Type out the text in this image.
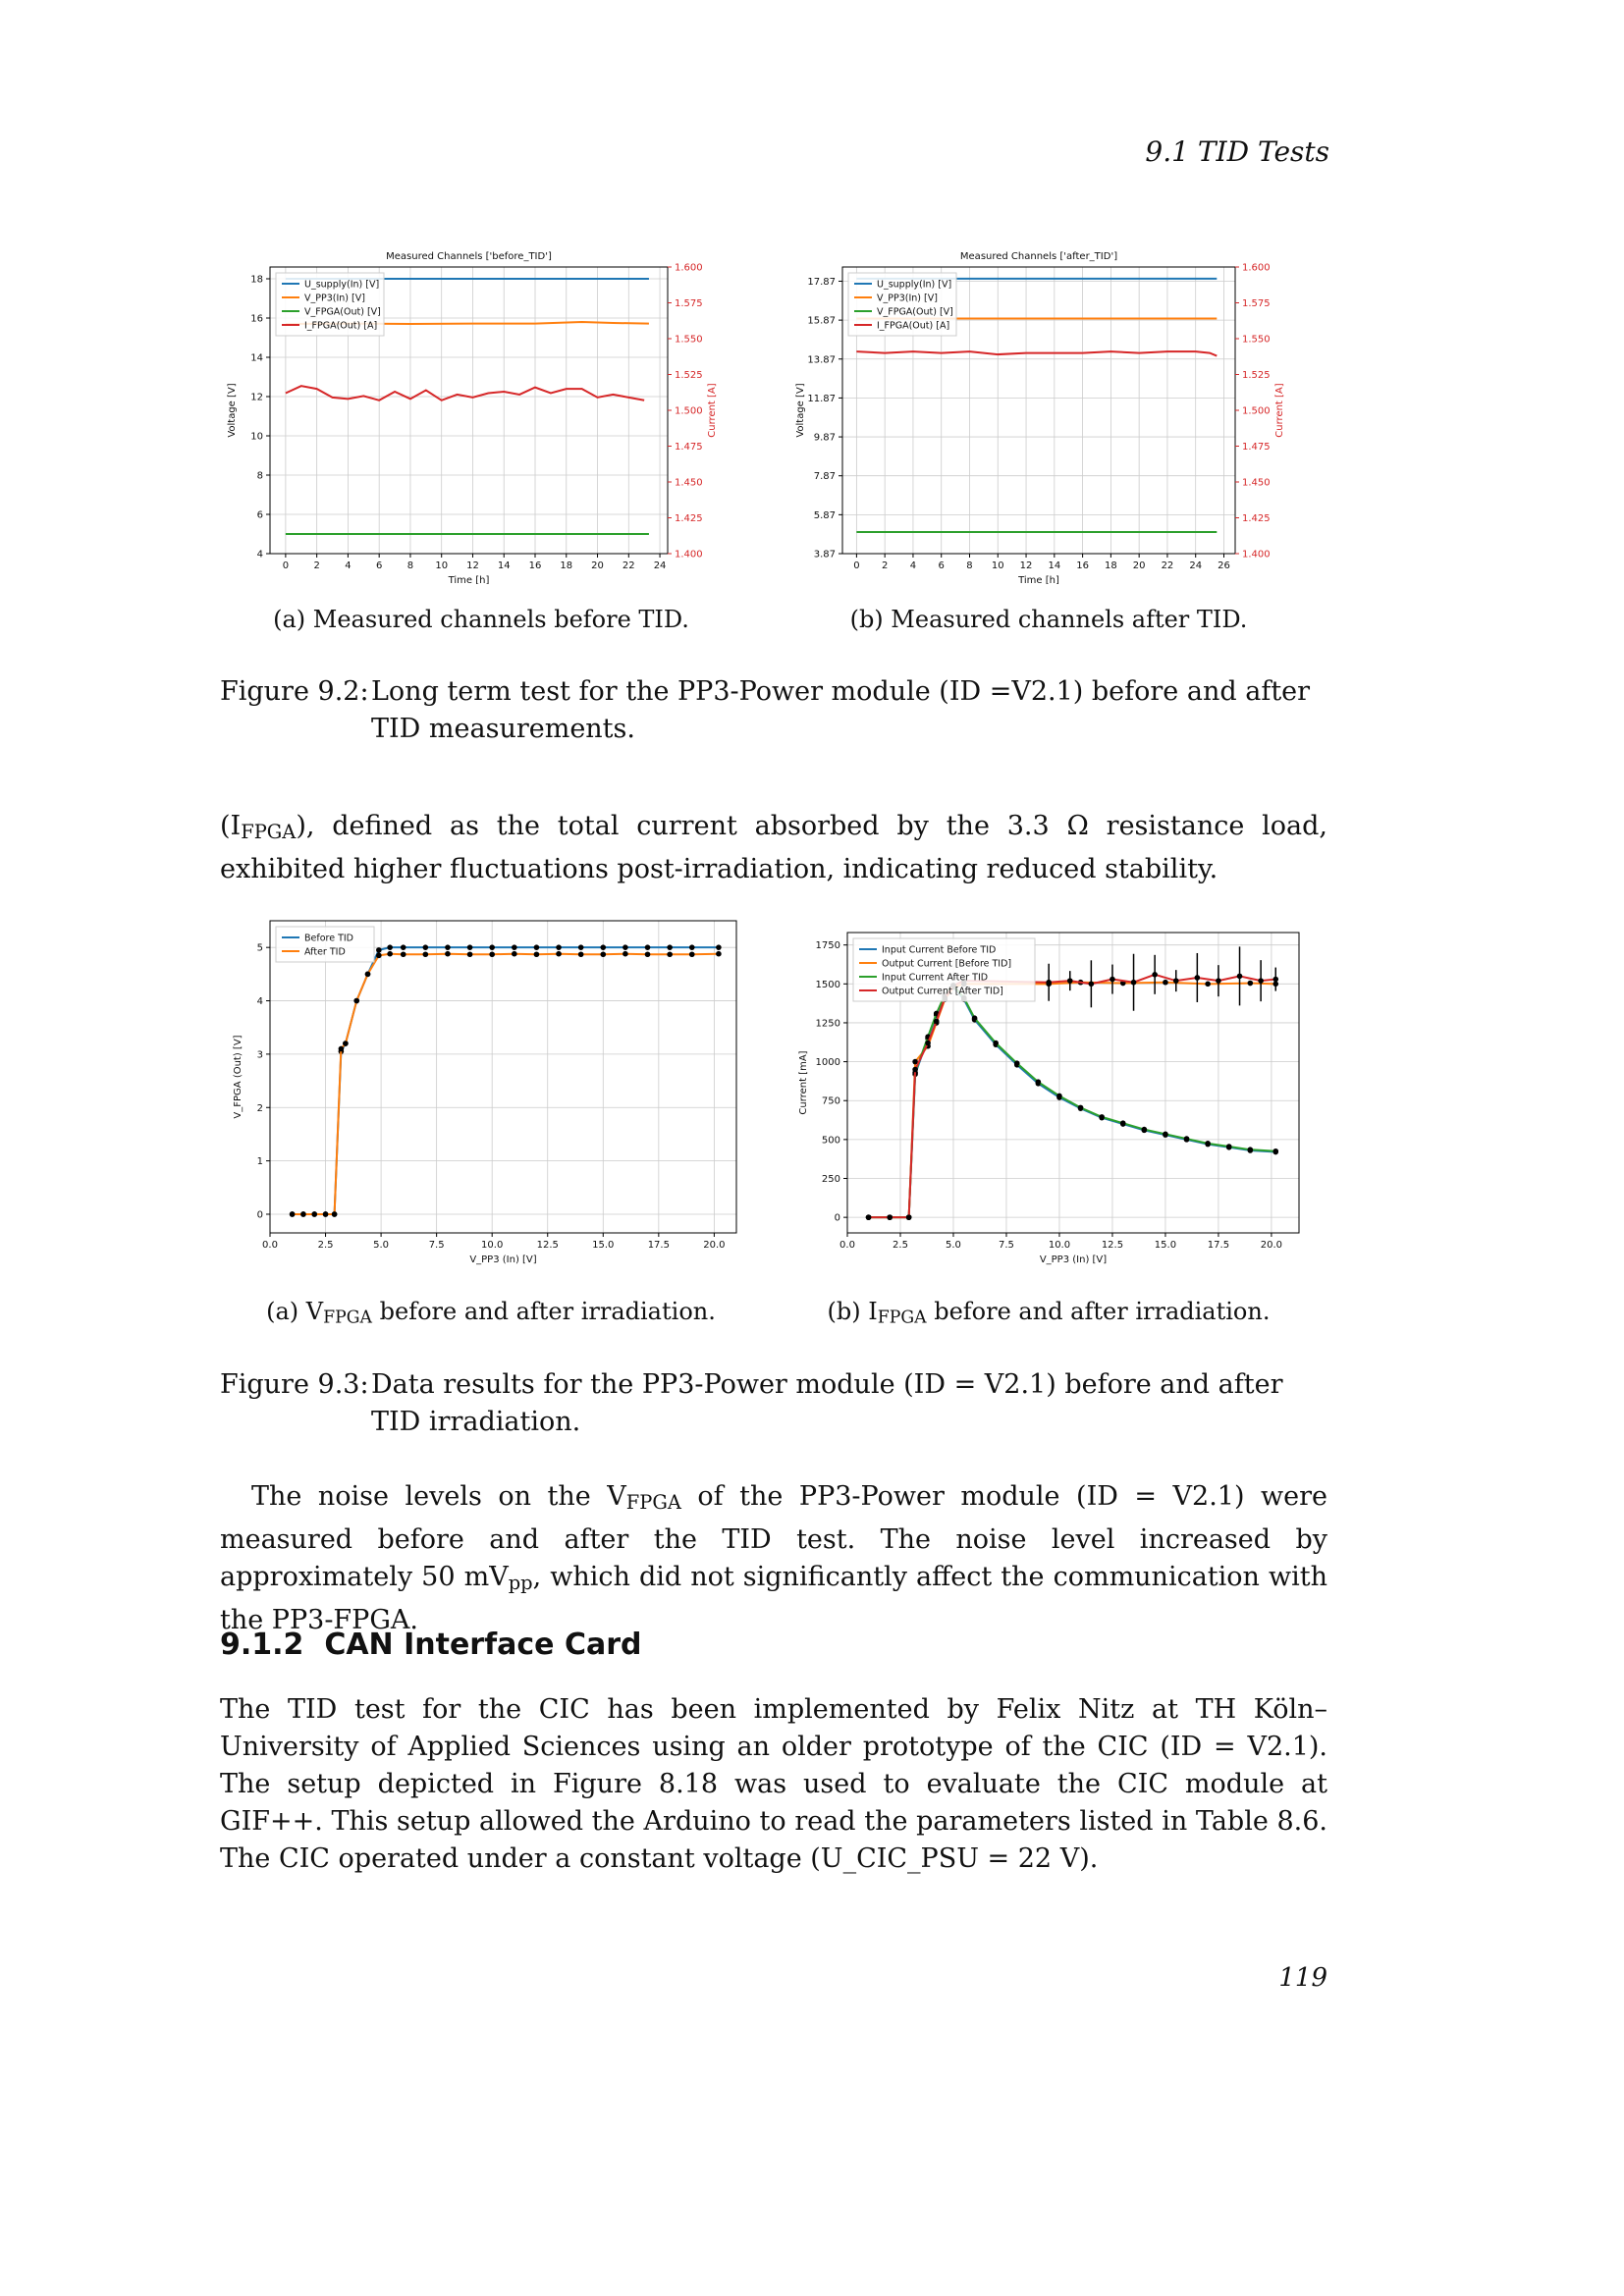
9.1 TID Tests
0	2	4	6	8 10 12 14 16 18 20 22 24
4
6
8
10
12
14
16
18
1.400
1.425
1.450
1.475
1.500
1.525
1.550
1.575
1.600
Current [A]
Measured Channels ['before_TID']
Time [h]
Voltage [V]
U_supply(In) [V]
V_PP3(In) [V]
V_FPGA(Out) [V]
I_FPGA(Out) [A]
0 2 4 6 8 10 12 14 16 18 20 22 24 26
3.87
5.87
7.87
9.87
11.87
13.87
15.87
17.87
1.400
1.425
1.450
1.475
1.500
1.525
1.550
1.575
1.600
Current [A]
Measured Channels ['after_TID']
Time [h]
Voltage [V]
U_supply(In) [V]
V_PP3(In) [V]
V_FPGA(Out) [V]
I_FPGA(Out) [A]
(a) Measured channels before TID.	(b) Measured channels after TID.
Figure 9.2: Long term test for the PP3-Power module (ID =V2.1) before and after TID measurements.
(IFPGA), defined as the total current absorbed by the 3.3 Ω resistance load, exhibited higher fluctuations post-irradiation, indicating reduced stability.
0.0	2.5	5.0	7.5	10.0	12.5	15.0	17.5	20.0
0
1
2
3
4
5
V_PP3 (In) [V]
V_FPGA (Out) [V]
Before TID
After TID
0.0	2.5	5.0	7.5	10.0	12.5	15.0	17.5	20.0
0
250
500
750
1000
1250
1500
1750
V_PP3 (In) [V]
Current [mA]
Input Current Before TID
Output Current [Before TID]
Input Current After TID
Output Current [After TID]
(a) VFPGA before and after irradiation.	(b) IFPGA before and after irradiation.
Figure 9.3: Data results for the PP3-Power module (ID = V2.1) before and after TID irradiation.
The noise levels on the VFPGA of the PP3-Power module (ID = V2.1) were measured before and after the TID test. The noise level increased by approximately 50 mVpp, which did not significantly affect the communication with the PP3-FPGA.
9.1.2 CAN Interface Card
The TID test for the CIC has been implemented by Felix Nitz at TH Köln–University of Applied Sciences using an older prototype of the CIC (ID = V2.1). The setup depicted in Figure 8.18 was used to evaluate the CIC module at GIF++. This setup allowed the Arduino to read the parameters listed in Table 8.6. The CIC operated under a constant voltage (U_CIC_PSU = 22 V).
119
